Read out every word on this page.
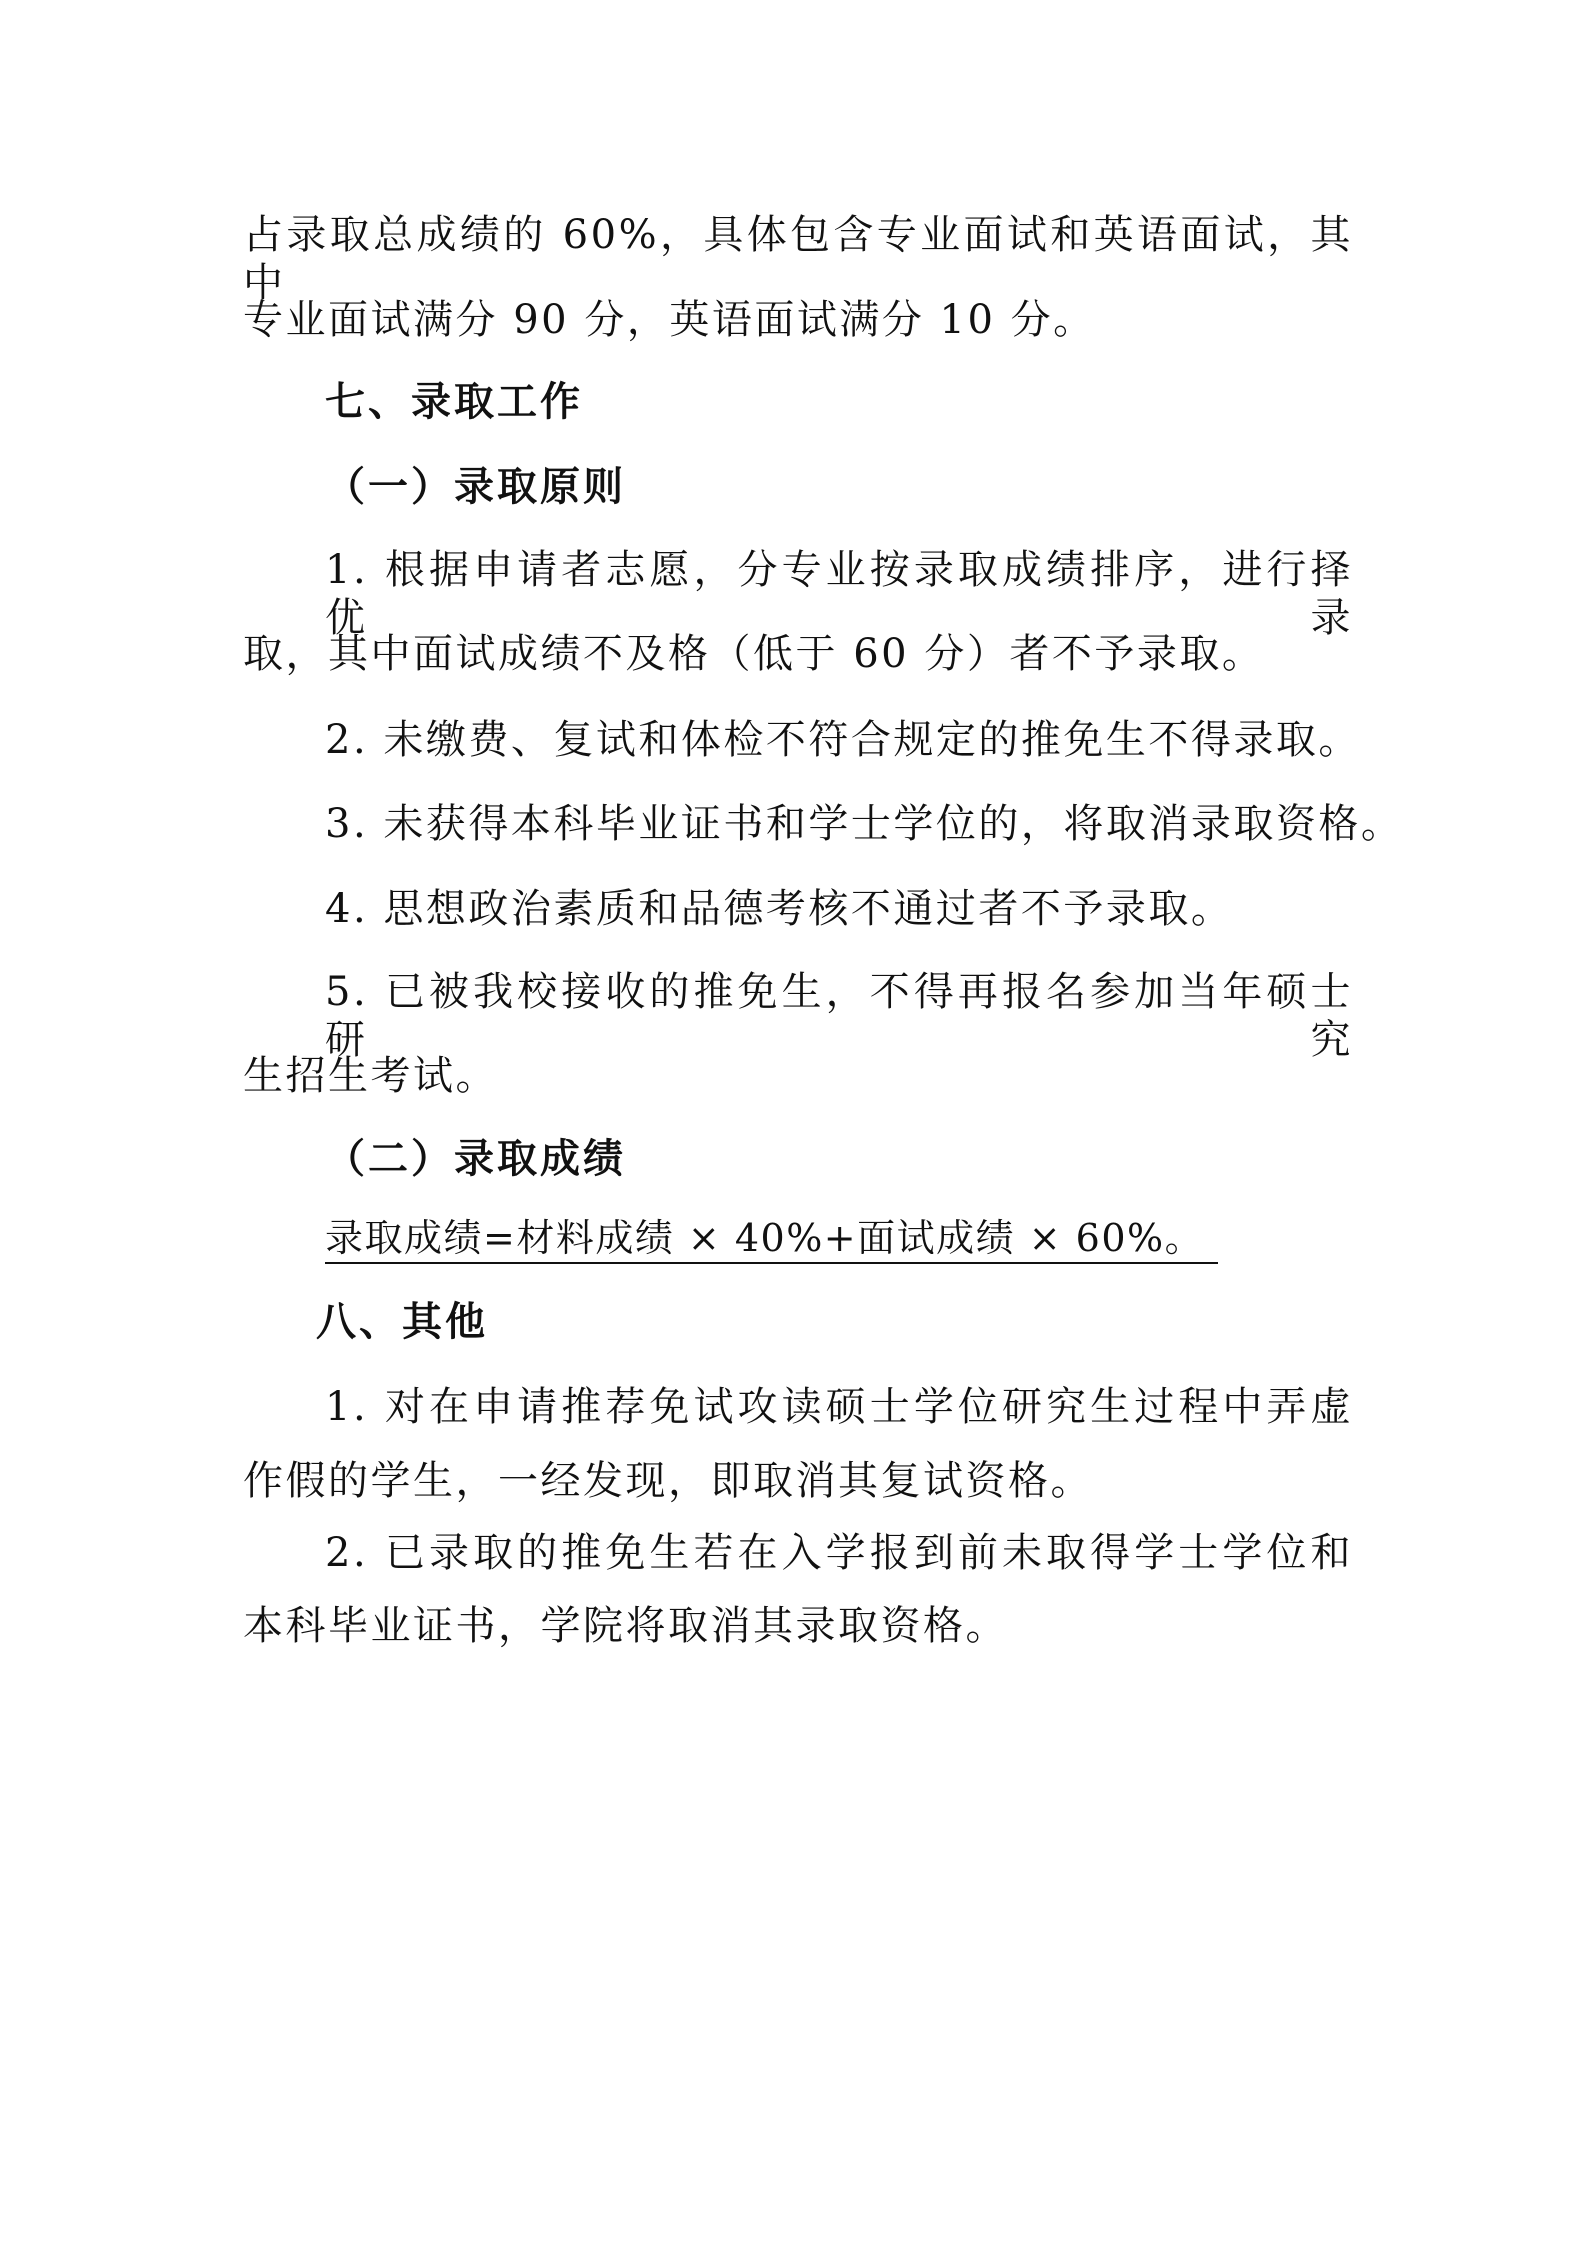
占录取总成绩的 60%，具体包含专业面试和英语面试，其中
专业面试满分 90 分，英语面试满分 10 分。
七、录取工作
（一）录取原则
1. 根据申请者志愿，分专业按录取成绩排序，进行择优录
取，其中面试成绩不及格（低于 60 分）者不予录取。
2. 未缴费、复试和体检不符合规定的推免生不得录取。
3. 未获得本科毕业证书和学士学位的，将取消录取资格。
4. 思想政治素质和品德考核不通过者不予录取。
5. 已被我校接收的推免生，不得再报名参加当年硕士研究
生招生考试。
（二）录取成绩
录取成绩=材料成绩 × 40%+面试成绩 × 60%。
八、其他
1. 对在申请推荐免试攻读硕士学位研究生过程中弄虚
作假的学生，一经发现，即取消其复试资格。
2. 已录取的推免生若在入学报到前未取得学士学位和
本科毕业证书，学院将取消其录取资格。
